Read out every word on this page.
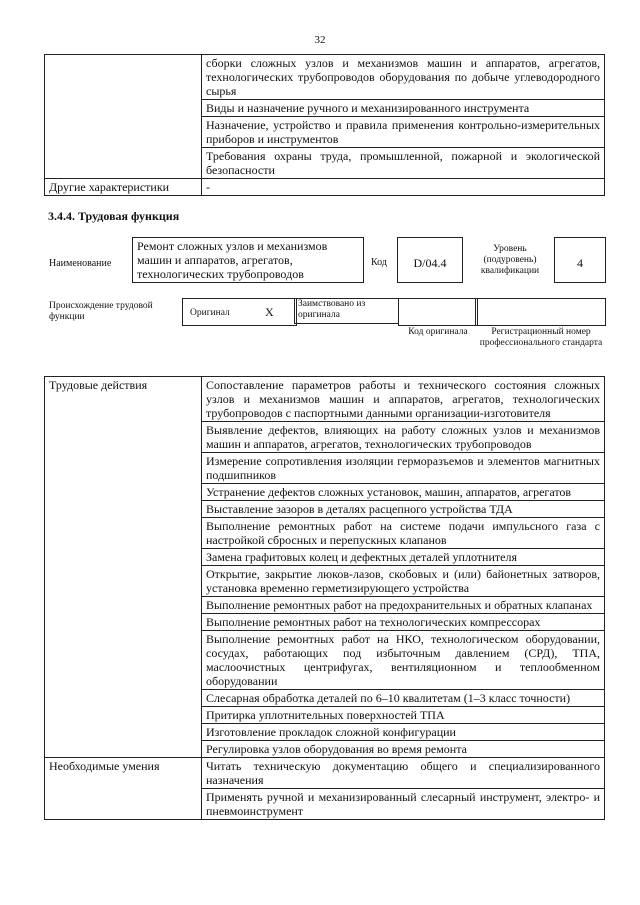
32
	сборки сложных узлов и механизмов машин и аппаратов, агрегатов, технологических трубопроводов оборудования по добыче углеводородного сырья
	Виды и назначение ручного и механизированного инструмента
	Назначение, устройство и правила применения контрольно-измерительных приборов и инструментов
	Требования охраны труда, промышленной, пожарной и экологической безопасности
Другие характеристики	-
3.4.4. Трудовая функция
Наименование
Ремонт сложных узлов и механизмов машин и аппаратов, агрегатов, технологических трубопроводов
Код	D/04.4
Уровень (подуровень) квалификации
4
Происхождение трудовой функции	Оригинал	X
Заимствовано из оригинала
Код оригинала	Регистрационный номер профессионального стандарта
Трудовые действия	Сопоставление параметров работы и технического состояния сложных узлов и механизмов машин и аппаратов, агрегатов, технологических трубопроводов с паспортными данными организации-изготовителя
	Выявление дефектов, влияющих на работу сложных узлов и механизмов машин и аппаратов, агрегатов, технологических трубопроводов
	Измерение сопротивления изоляции герморазъемов и элементов магнитных подшипников
	Устранение дефектов сложных установок, машин, аппаратов, агрегатов
	Выставление зазоров в деталях расцепного устройства ТДА
	Выполнение ремонтных работ на системе подачи импульсного газа с настройкой сбросных и перепускных клапанов
	Замена графитовых колец и дефектных деталей уплотнителя
	Открытие, закрытие люков-лазов, скобовых и (или) байонетных затворов, установка временно герметизирующего устройства
	Выполнение ремонтных работ на предохранительных и обратных клапанах
	Выполнение ремонтных работ на технологических компрессорах
	Выполнение ремонтных работ на НКО, технологическом оборудовании, сосудах, работающих под избыточным давлением (СРД), ТПА, маслоочистных центрифугах, вентиляционном и теплообменном оборудовании
	Слесарная обработка деталей по 6–10 квалитетам (1–3 класс точности)
	Притирка уплотнительных поверхностей ТПА
	Изготовление прокладок сложной конфигурации
	Регулировка узлов оборудования во время ремонта
Необходимые умения	Читать техническую документацию общего и специализированного назначения
	Применять ручной и механизированный слесарный инструмент, электро- и пневмоинструмент
